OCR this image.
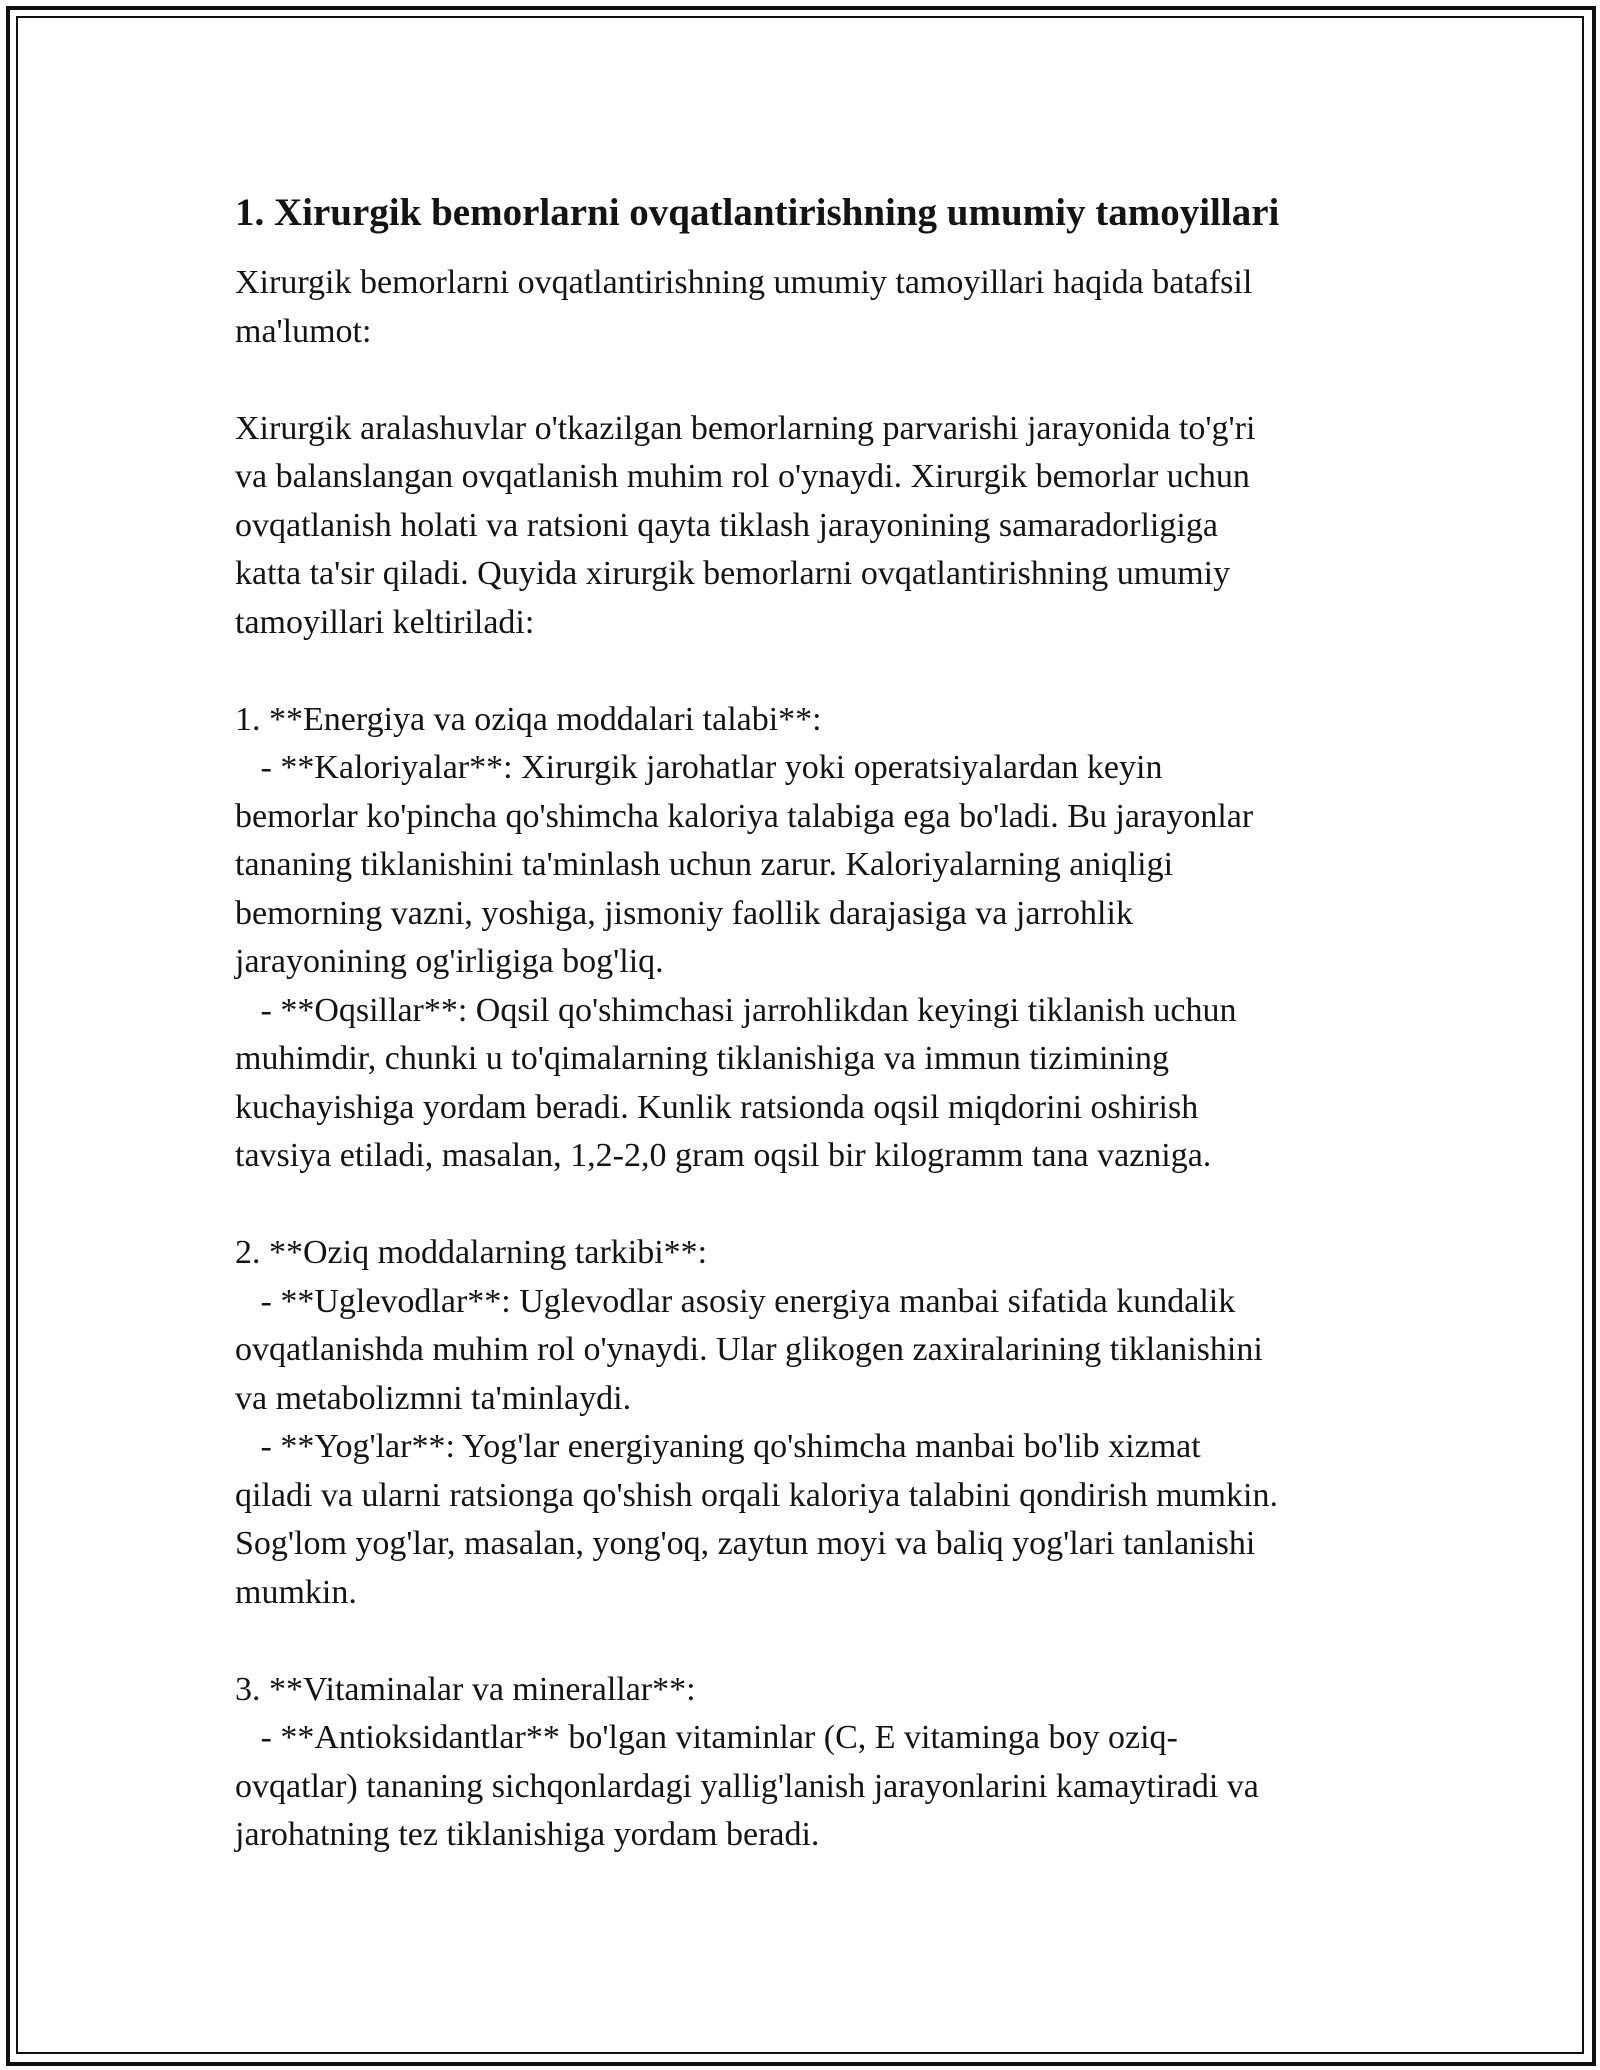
1. Xirurgik bemorlarni ovqatlantirishning umumiy tamoyillari

Xirurgik bemorlarni ovqatlantirishning umumiy tamoyillari haqida batafsil

ma'lumot:

Xirurgik aralashuvlar o'tkazilgan bemorlarning parvarishi jarayonida to'g'ri

va balanslangan ovqatlanish muhim rol o'ynaydi. Xirurgik bemorlar uchun

ovqatlanish holati va ratsioni qayta tiklash jarayonining samaradorligiga

katta ta'sir qiladi. Quyida xirurgik bemorlarni ovqatlantirishning umumiy

tamoyillari keltiriladi:

1. **Energiya va oziqa moddalari talabi**:

- **Kaloriyalar**: Xirurgik jarohatlar yoki operatsiyalardan keyin

bemorlar ko'pincha qo'shimcha kaloriya talabiga ega bo'ladi. Bu jarayonlar

tananing tiklanishini ta'minlash uchun zarur. Kaloriyalarning aniqligi

bemorning vazni, yoshiga, jismoniy faollik darajasiga va jarrohlik

jarayonining og'irligiga bog'liq.

- **Oqsillar**: Oqsil qo'shimchasi jarrohlikdan keyingi tiklanish uchun

muhimdir, chunki u to'qimalarning tiklanishiga va immun tizimining

kuchayishiga yordam beradi. Kunlik ratsionda oqsil miqdorini oshirish

tavsiya etiladi, masalan, 1,2-2,0 gram oqsil bir kilogramm tana vazniga.

2. **Oziq moddalarning tarkibi**:

- **Uglevodlar**: Uglevodlar asosiy energiya manbai sifatida kundalik

ovqatlanishda muhim rol o'ynaydi. Ular glikogen zaxiralarining tiklanishini

va metabolizmni ta'minlaydi.

- **Yog'lar**: Yog'lar energiyaning qo'shimcha manbai bo'lib xizmat

qiladi va ularni ratsionga qo'shish orqali kaloriya talabini qondirish mumkin.

Sog'lom yog'lar, masalan, yong'oq, zaytun moyi va baliq yog'lari tanlanishi

mumkin.

3. **Vitaminalar va minerallar**:

- **Antioksidantlar** bo'lgan vitaminlar (C, E vitaminga boy oziq-

ovqatlar) tananing sichqonlardagi yallig'lanish jarayonlarini kamaytiradi va

jarohatning tez tiklanishiga yordam beradi.
